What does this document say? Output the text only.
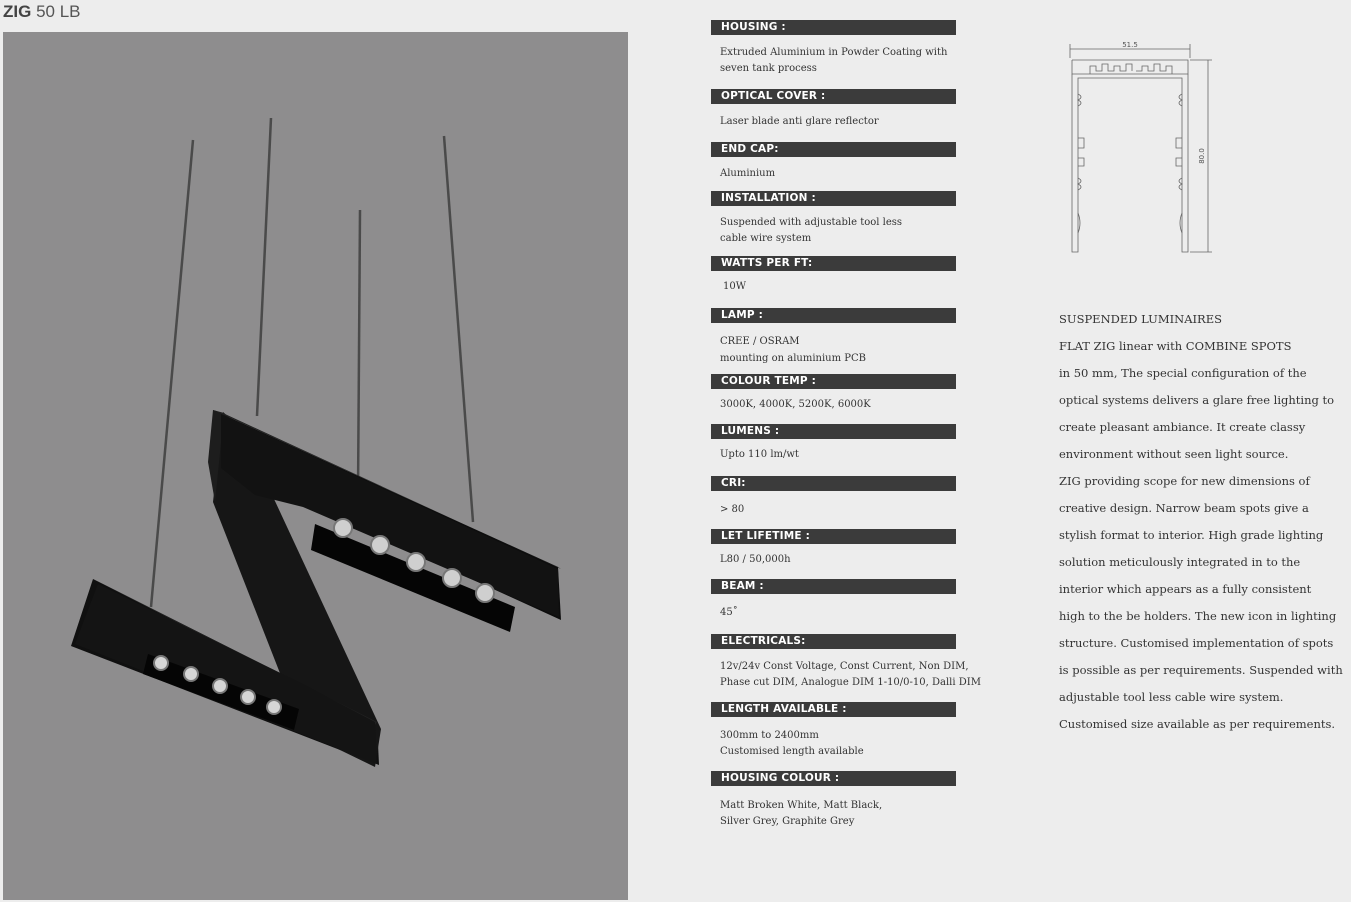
ZIG 50 LB
HOUSING :
Extruded Aluminium in Powder Coating with
seven tank process
OPTICAL COVER :
Laser blade anti glare reflector
END CAP:
Aluminium
INSTALLATION :
Suspended with adjustable tool less
cable wire system
WATTS PER FT:
10W
LAMP :
CREE / OSRAM
mounting on aluminium PCB
COLOUR TEMP :
3000K, 4000K, 5200K, 6000K
LUMENS :
Upto 110 lm/wt
CRI:
> 80
LET LIFETIME :
L80 / 50,000h
BEAM :
45˚
ELECTRICALS:
12v/24v Const Voltage, Const Current, Non DIM,
Phase cut DIM, Analogue DIM 1-10/0-10, Dalli DIM
LENGTH AVAILABLE :
300mm to 2400mm
Customised length available
HOUSING COLOUR :
Matt Broken White, Matt Black,
Silver Grey, Graphite Grey
51.5
80.0
SUSPENDED LUMINAIRES
FLAT ZIG linear with COMBINE SPOTS
in 50 mm, The special configuration of the
optical systems delivers a glare free lighting to
create pleasant ambiance. It create classy
environment without seen light source.
ZIG providing scope for new dimensions of
creative design. Narrow beam spots give a
stylish format to interior. High grade lighting
solution meticulously integrated in to the
interior which appears as a fully consistent
high to the be holders. The new icon in lighting
structure. Customised implementation of spots
is possible as per requirements. Suspended with
adjustable tool less cable wire system.
Customised size available as per requirements.
